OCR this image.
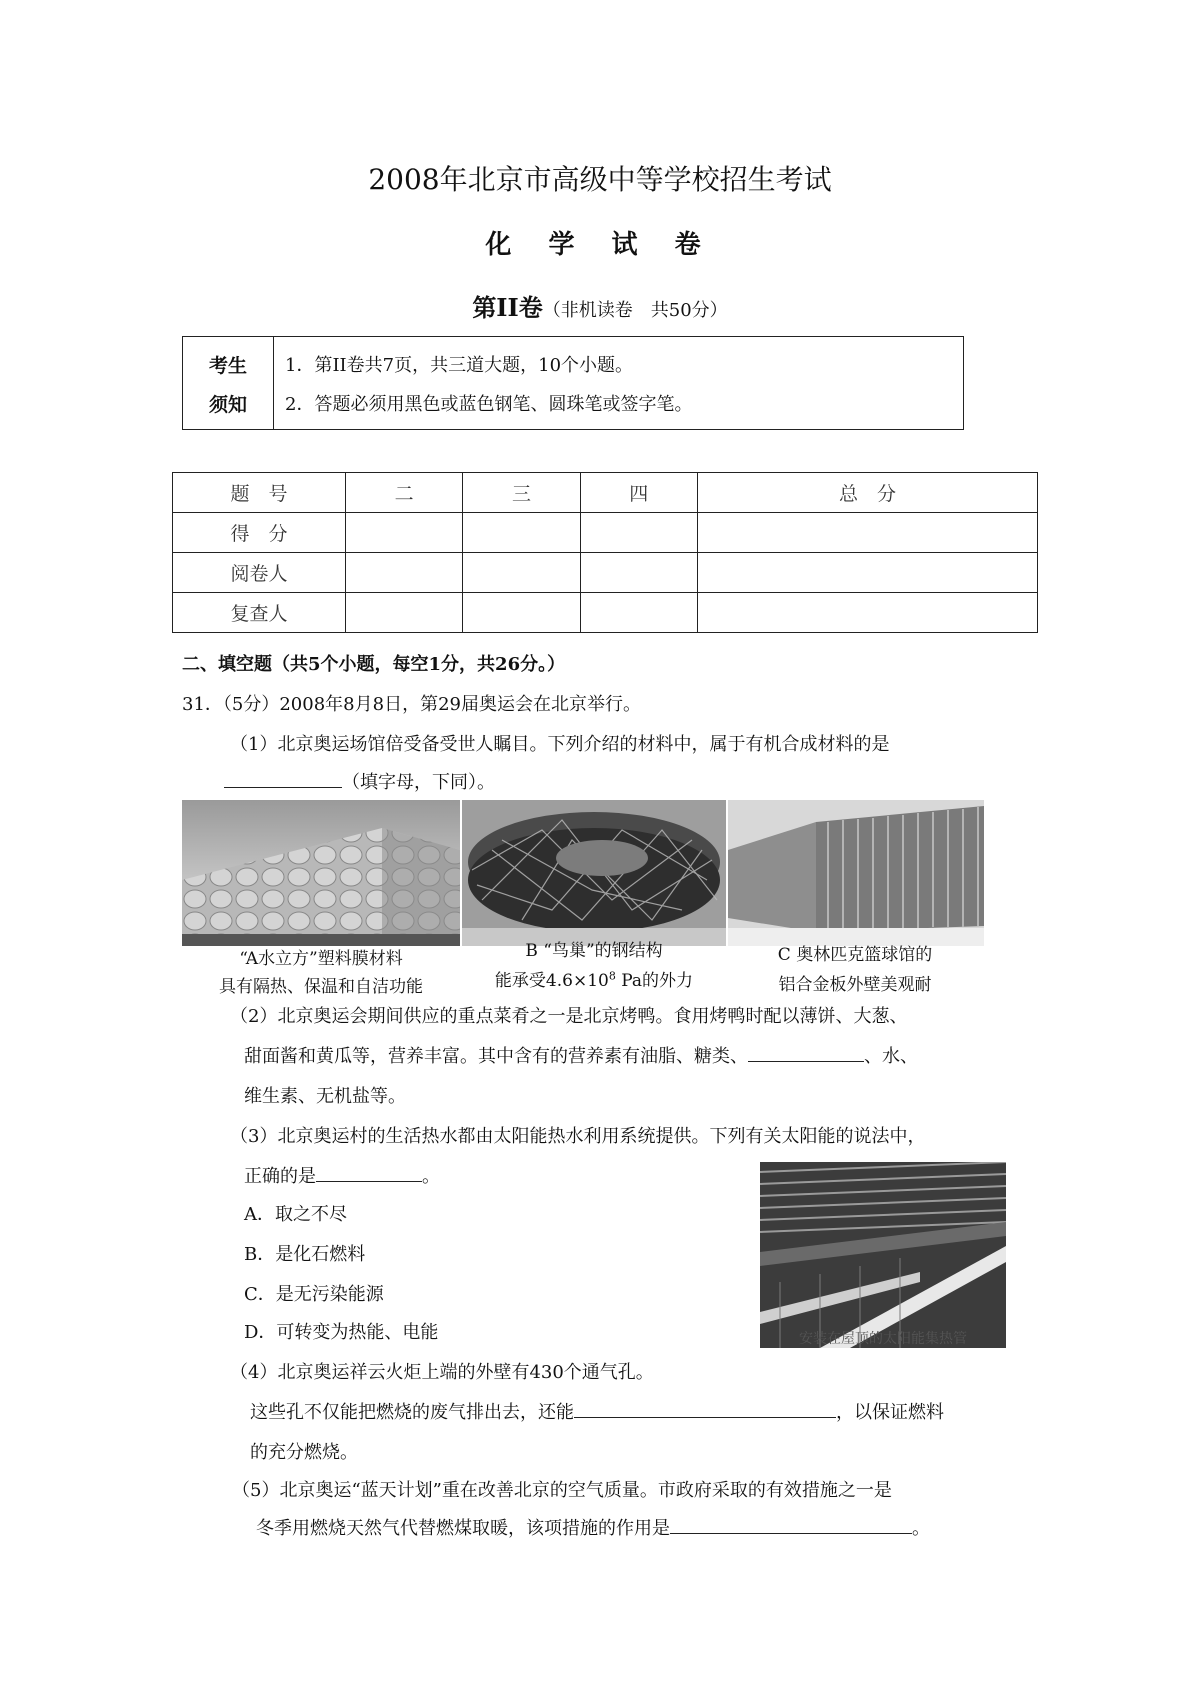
2008年北京市高级中等学校招生考试
化 学 试 卷
第II卷（非机读卷　共50分）
考生
须知
1．第II卷共7页，共三道大题，10个小题。
2．答题必须用黑色或蓝色钢笔、圆珠笔或签字笔。
题　号	二	三	四	总　分
得　分				
阅卷人				
复查人				
二、填空题（共5个小题，每空1分，共26分。）
31．（5分）2008年8月8日，第29届奥运会在北京举行。
（1）北京奥运场馆倍受备受世人瞩目。下列介绍的材料中，属于有机合成材料的是
（填字母，下同）。
“A水立方”塑料膜材料
具有隔热、保温和自洁功能
B “鸟巢”的钢结构
能承受$4.6\times 10^8$ Pa的外力
C 奥林匹克篮球馆的
铝合金板外壁美观耐
（2）北京奥运会期间供应的重点菜肴之一是北京烤鸭。食用烤鸭时配以薄饼、大葱、
甜面酱和黄瓜等，营养丰富。其中含有的营养素有油脂、糖类、	、水、
维生素、无机盐等。
（3）北京奥运村的生活热水都由太阳能热水利用系统提供。下列有关太阳能的说法中，
正确的是	。
A．取之不尽
B．是化石燃料
C．是无污染能源
D．可转变为热能、电能	安装在屋顶的太阳能集热管
（4）北京奥运祥云火炬上端的外壁有430个通气孔。
这些孔不仅能把燃烧的废气排出去，还能	，以保证燃料
的充分燃烧。
（5）北京奥运“蓝天计划”重在改善北京的空气质量。市政府采取的有效措施之一是
冬季用燃烧天然气代替燃煤取暖，该项措施的作用是	。
